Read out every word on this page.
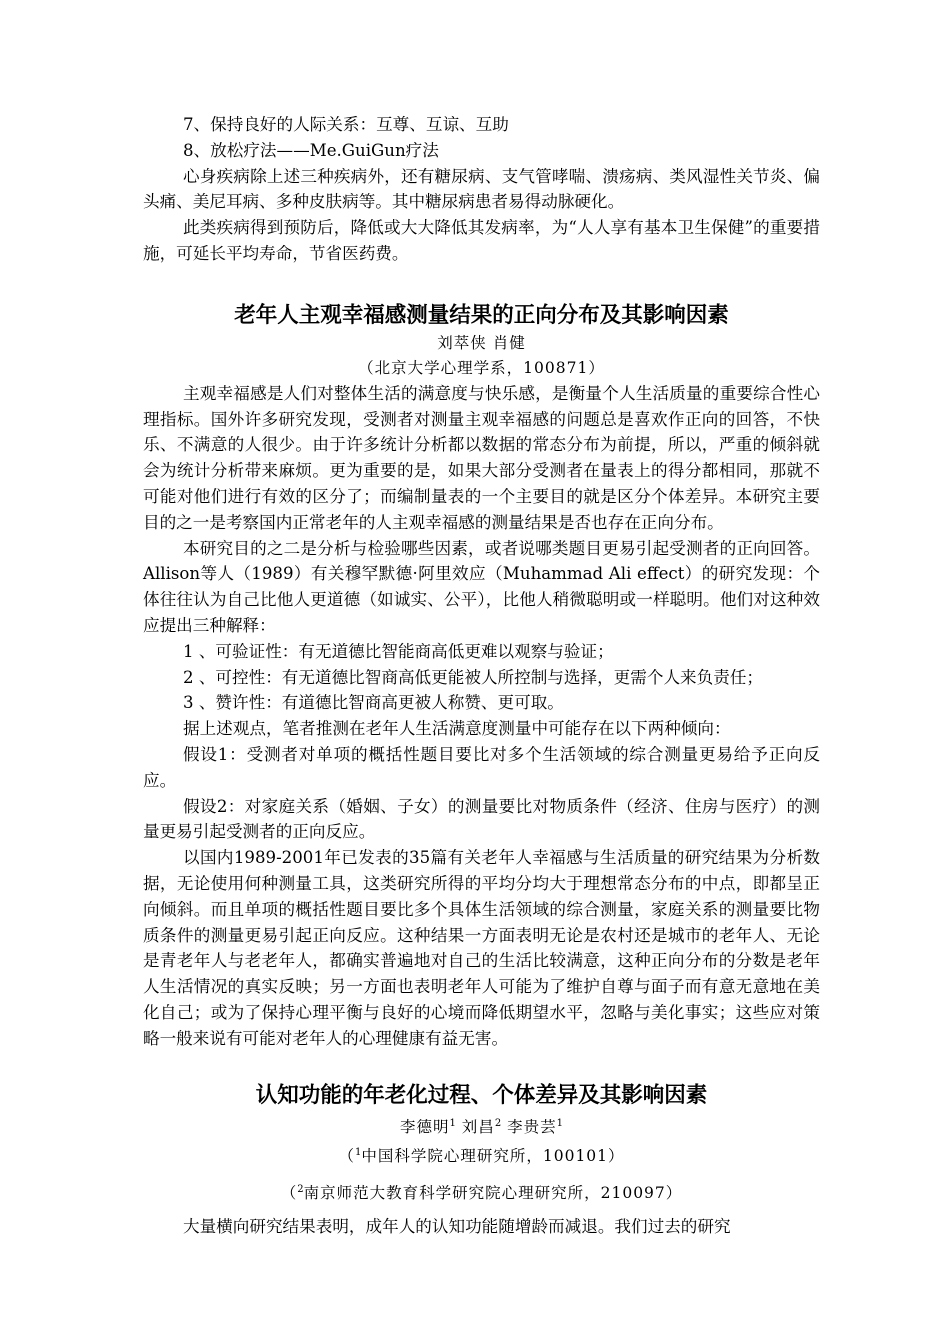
7、保持良好的人际关系：互尊、互谅、互助

8、放松疗法——Me.GuiGun疗法

心身疾病除上述三种疾病外，还有糖尿病、支气管哮喘、溃疡病、类风湿性关节炎、偏头痛、美尼耳病、多种皮肤病等。其中糖尿病患者易得动脉硬化。

此类疾病得到预防后，降低或大大降低其发病率，为“人人享有基本卫生保健”的重要措施，可延长平均寿命，节省医药费。

老年人主观幸福感测量结果的正向分布及其影响因素
刘萃侠 肖健
（北京大学心理学系，100871）

主观幸福感是人们对整体生活的满意度与快乐感，是衡量个人生活质量的重要综合性心理指标。国外许多研究发现，受测者对测量主观幸福感的问题总是喜欢作正向的回答，不快乐、不满意的人很少。由于许多统计分析都以数据的常态分布为前提，所以，严重的倾斜就会为统计分析带来麻烦。更为重要的是，如果大部分受测者在量表上的得分都相同，那就不可能对他们进行有效的区分了；而编制量表的一个主要目的就是区分个体差异。本研究主要目的之一是考察国内正常老年的人主观幸福感的测量结果是否也存在正向分布。

本研究目的之二是分析与检验哪些因素，或者说哪类题目更易引起受测者的正向回答。Allison等人（1989）有关穆罕默德·阿里效应（Muhammad Ali effect）的研究发现：个体往往认为自己比他人更道德（如诚实、公平），比他人稍微聪明或一样聪明。他们对这种效应提出三种解释：

1 、可验证性：有无道德比智能商高低更难以观察与验证；

2 、可控性：有无道德比智商高低更能被人所控制与选择，更需个人来负责任；

3 、赞许性：有道德比智商高更被人称赞、更可取。

据上述观点，笔者推测在老年人生活满意度测量中可能存在以下两种倾向：

假设1：受测者对单项的概括性题目要比对多个生活领域的综合测量更易给予正向反应。

假设2：对家庭关系（婚姻、子女）的测量要比对物质条件（经济、住房与医疗）的测量更易引起受测者的正向反应。

以国内1989-2001年已发表的35篇有关老年人幸福感与生活质量的研究结果为分析数据，无论使用何种测量工具，这类研究所得的平均分均大于理想常态分布的中点，即都呈正向倾斜。而且单项的概括性题目要比多个具体生活领域的综合测量，家庭关系的测量要比物质条件的测量更易引起正向反应。这种结果一方面表明无论是农村还是城市的老年人、无论是青老年人与老老年人，都确实普遍地对自己的生活比较满意，这种正向分布的分数是老年人生活情况的真实反映；另一方面也表明老年人可能为了维护自尊与面子而有意无意地在美化自己；或为了保持心理平衡与良好的心境而降低期望水平，忽略与美化事实；这些应对策略一般来说有可能对老年人的心理健康有益无害。

认知功能的年老化过程、个体差异及其影响因素
李德明$^1$ 刘昌$^2$ 李贵芸$^1$
（$^1$中国科学院心理研究所，100101）
（$^2$南京师范大教育科学研究院心理研究所，210097）

大量横向研究结果表明，成年人的认知功能随增龄而减退。我们过去的研究
